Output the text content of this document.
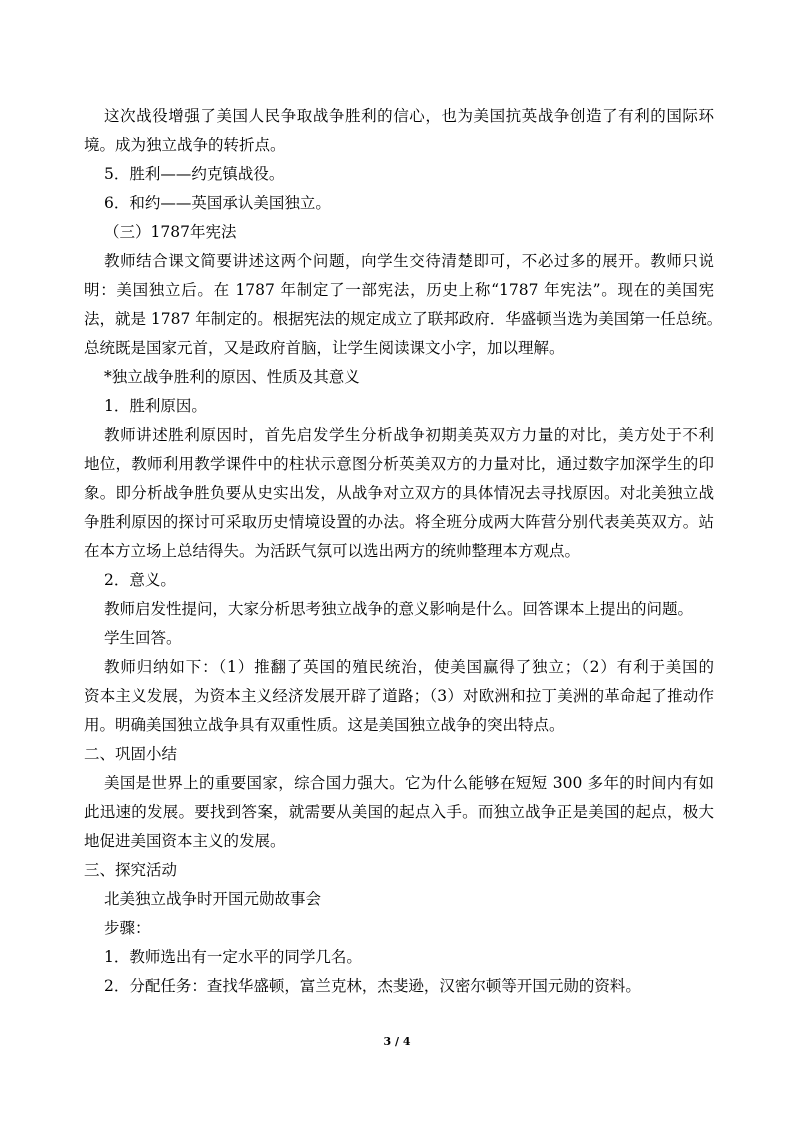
这次战役增强了美国人民争取战争胜利的信心，也为美国抗英战争创造了有利的国际环

境。成为独立战争的转折点。

5．胜利——约克镇战役。

6．和约——英国承认美国独立。

（三）1787年宪法

教师结合课文简要讲述这两个问题，向学生交待清楚即可，不必过多的展开。教师只说

明：美国独立后。在 1787 年制定了一部宪法，历史上称“1787 年宪法”。现在的美国宪

法，就是 1787 年制定的。根据宪法的规定成立了联邦政府．华盛顿当选为美国第一任总统。

总统既是国家元首，又是政府首脑，让学生阅读课文小字，加以理解。

*独立战争胜利的原因、性质及其意义

1．胜利原因。

教师讲述胜利原因时，首先启发学生分析战争初期美英双方力量的对比，美方处于不利

地位，教师利用教学课件中的柱状示意图分析英美双方的力量对比，通过数字加深学生的印

象。即分析战争胜负要从史实出发，从战争对立双方的具体情况去寻找原因。对北美独立战

争胜利原因的探讨可采取历史情境设置的办法。将全班分成两大阵营分别代表美英双方。站

在本方立场上总结得失。为活跃气氛可以选出两方的统帅整理本方观点。

2．意义。

教师启发性提问，大家分析思考独立战争的意义影响是什么。回答课本上提出的问题。

学生回答。

教师归纳如下：（1）推翻了英国的殖民统治，使美国赢得了独立；（2）有利于美国的

资本主义发展，为资本主义经济发展开辟了道路；（3）对欧洲和拉丁美洲的革命起了推动作

用。明确美国独立战争具有双重性质。这是美国独立战争的突出特点。

二、巩固小结

美国是世界上的重要国家，综合国力强大。它为什么能够在短短 300 多年的时间内有如

此迅速的发展。要找到答案，就需要从美国的起点入手。而独立战争正是美国的起点，极大

地促进美国资本主义的发展。

三、探究活动

北美独立战争时开国元勋故事会

步骤：

1．教师选出有一定水平的同学几名。

2．分配任务：查找华盛顿，富兰克林，杰斐逊，汉密尔顿等开国元勋的资料。

3 / 4
